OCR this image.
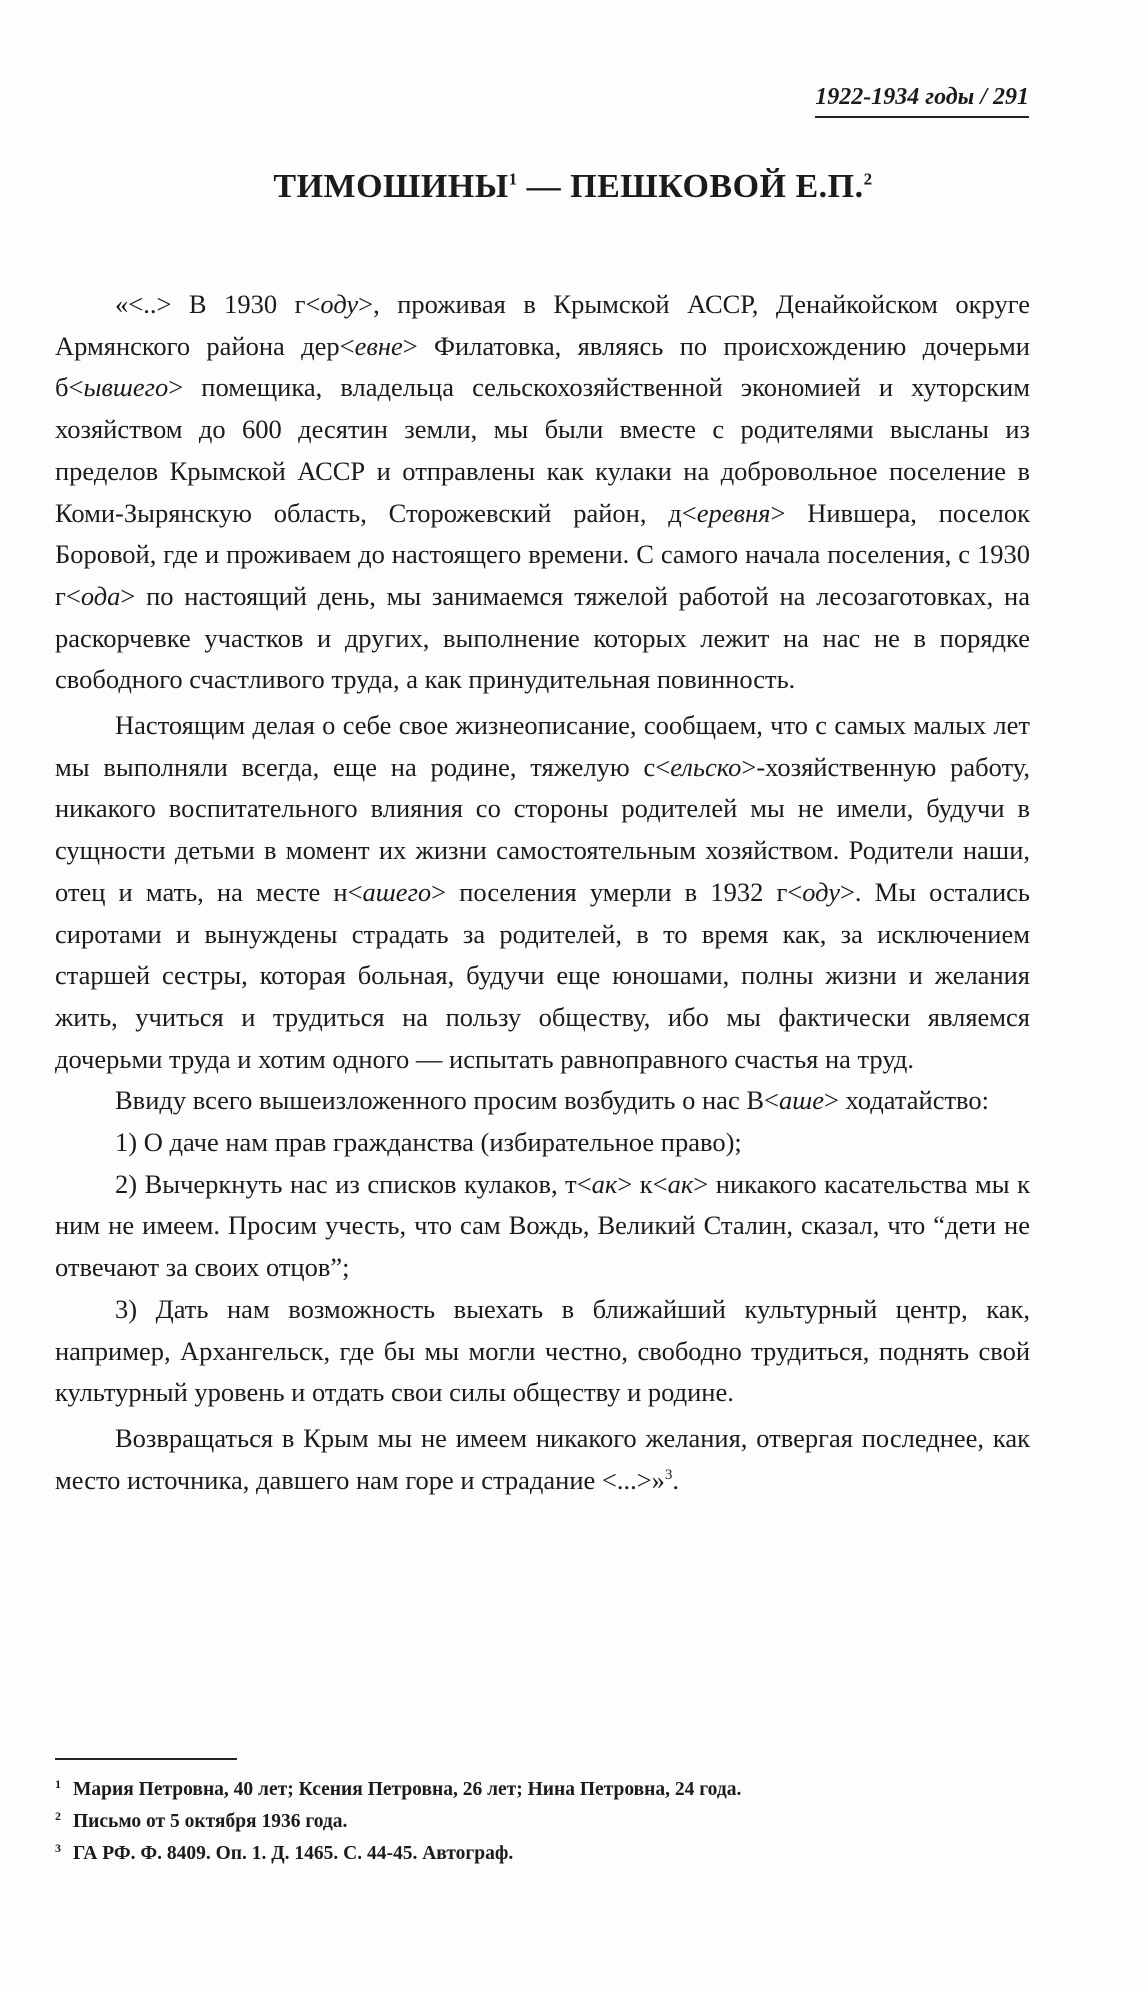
1922-1934 годы / 291
ТИМОШИНЫ$^1$ — ПЕШКОВОЙ Е.П.$^2$

«<..> В 1930 г<оду>, проживая в Крымской АССР, Денайкойском округе Армянского района дер<евне> Филатовка, являясь по происхождению дочерьми б<ывшего> помещика, владельца сельскохозяйственной экономией и хуторским хозяйством до 600 десятин земли, мы были вместе с родителями высланы из пределов Крымской АССР и отправлены как кулаки на добровольное поселение в Коми-Зырянскую область, Сторожевский район, д<еревня> Нившера, поселок Боровой, где и проживаем до настоящего времени. С самого начала поселения, с 1930 г<ода> по настоящий день, мы занимаемся тяжелой работой на лесозаготовках, на раскорчевке участков и других, выполнение которых лежит на нас не в порядке свободного счастливого труда, а как принудительная повинность.

Настоящим делая о себе свое жизнеописание, сообщаем, что с самых малых лет мы выполняли всегда, еще на родине, тяжелую с<ельско>-хозяйственную работу, никакого воспитательного влияния со стороны родителей мы не имели, будучи в сущности детьми в момент их жизни самостоятельным хозяйством. Родители наши, отец и мать, на месте н<ашего> поселения умерли в 1932 г<оду>. Мы остались сиротами и вынуждены страдать за родителей, в то время как, за исключением старшей сестры, которая больная, будучи еще юношами, полны жизни и желания жить, учиться и трудиться на пользу обществу, ибо мы фактически являемся дочерьми труда и хотим одного — испытать равноправного счастья на труд.

Ввиду всего вышеизложенного просим возбудить о нас В<аше> ходатайство:

1) О даче нам прав гражданства (избирательное право);

2) Вычеркнуть нас из списков кулаков, т<ак> к<ак> никакого касательства мы к ним не имеем. Просим учесть, что сам Вождь, Великий Сталин, сказал, что “дети не отвечают за своих отцов”;

3) Дать нам возможность выехать в ближайший культурный центр, как, например, Архангельск, где бы мы могли честно, свободно трудиться, поднять свой культурный уровень и отдать свои силы обществу и родине.

Возвращаться в Крым мы не имеем никакого желания, отвергая последнее, как место источника, давшего нам горе и страдание <...>»$^3$.

$^1$ Мария Петровна, 40 лет; Ксения Петровна, 26 лет; Нина Петровна, 24 года.
$^2$ Письмо от 5 октября 1936 года.
$^3$ ГА РФ. Ф. 8409. Оп. 1. Д. 1465. С. 44-45. Автограф.
